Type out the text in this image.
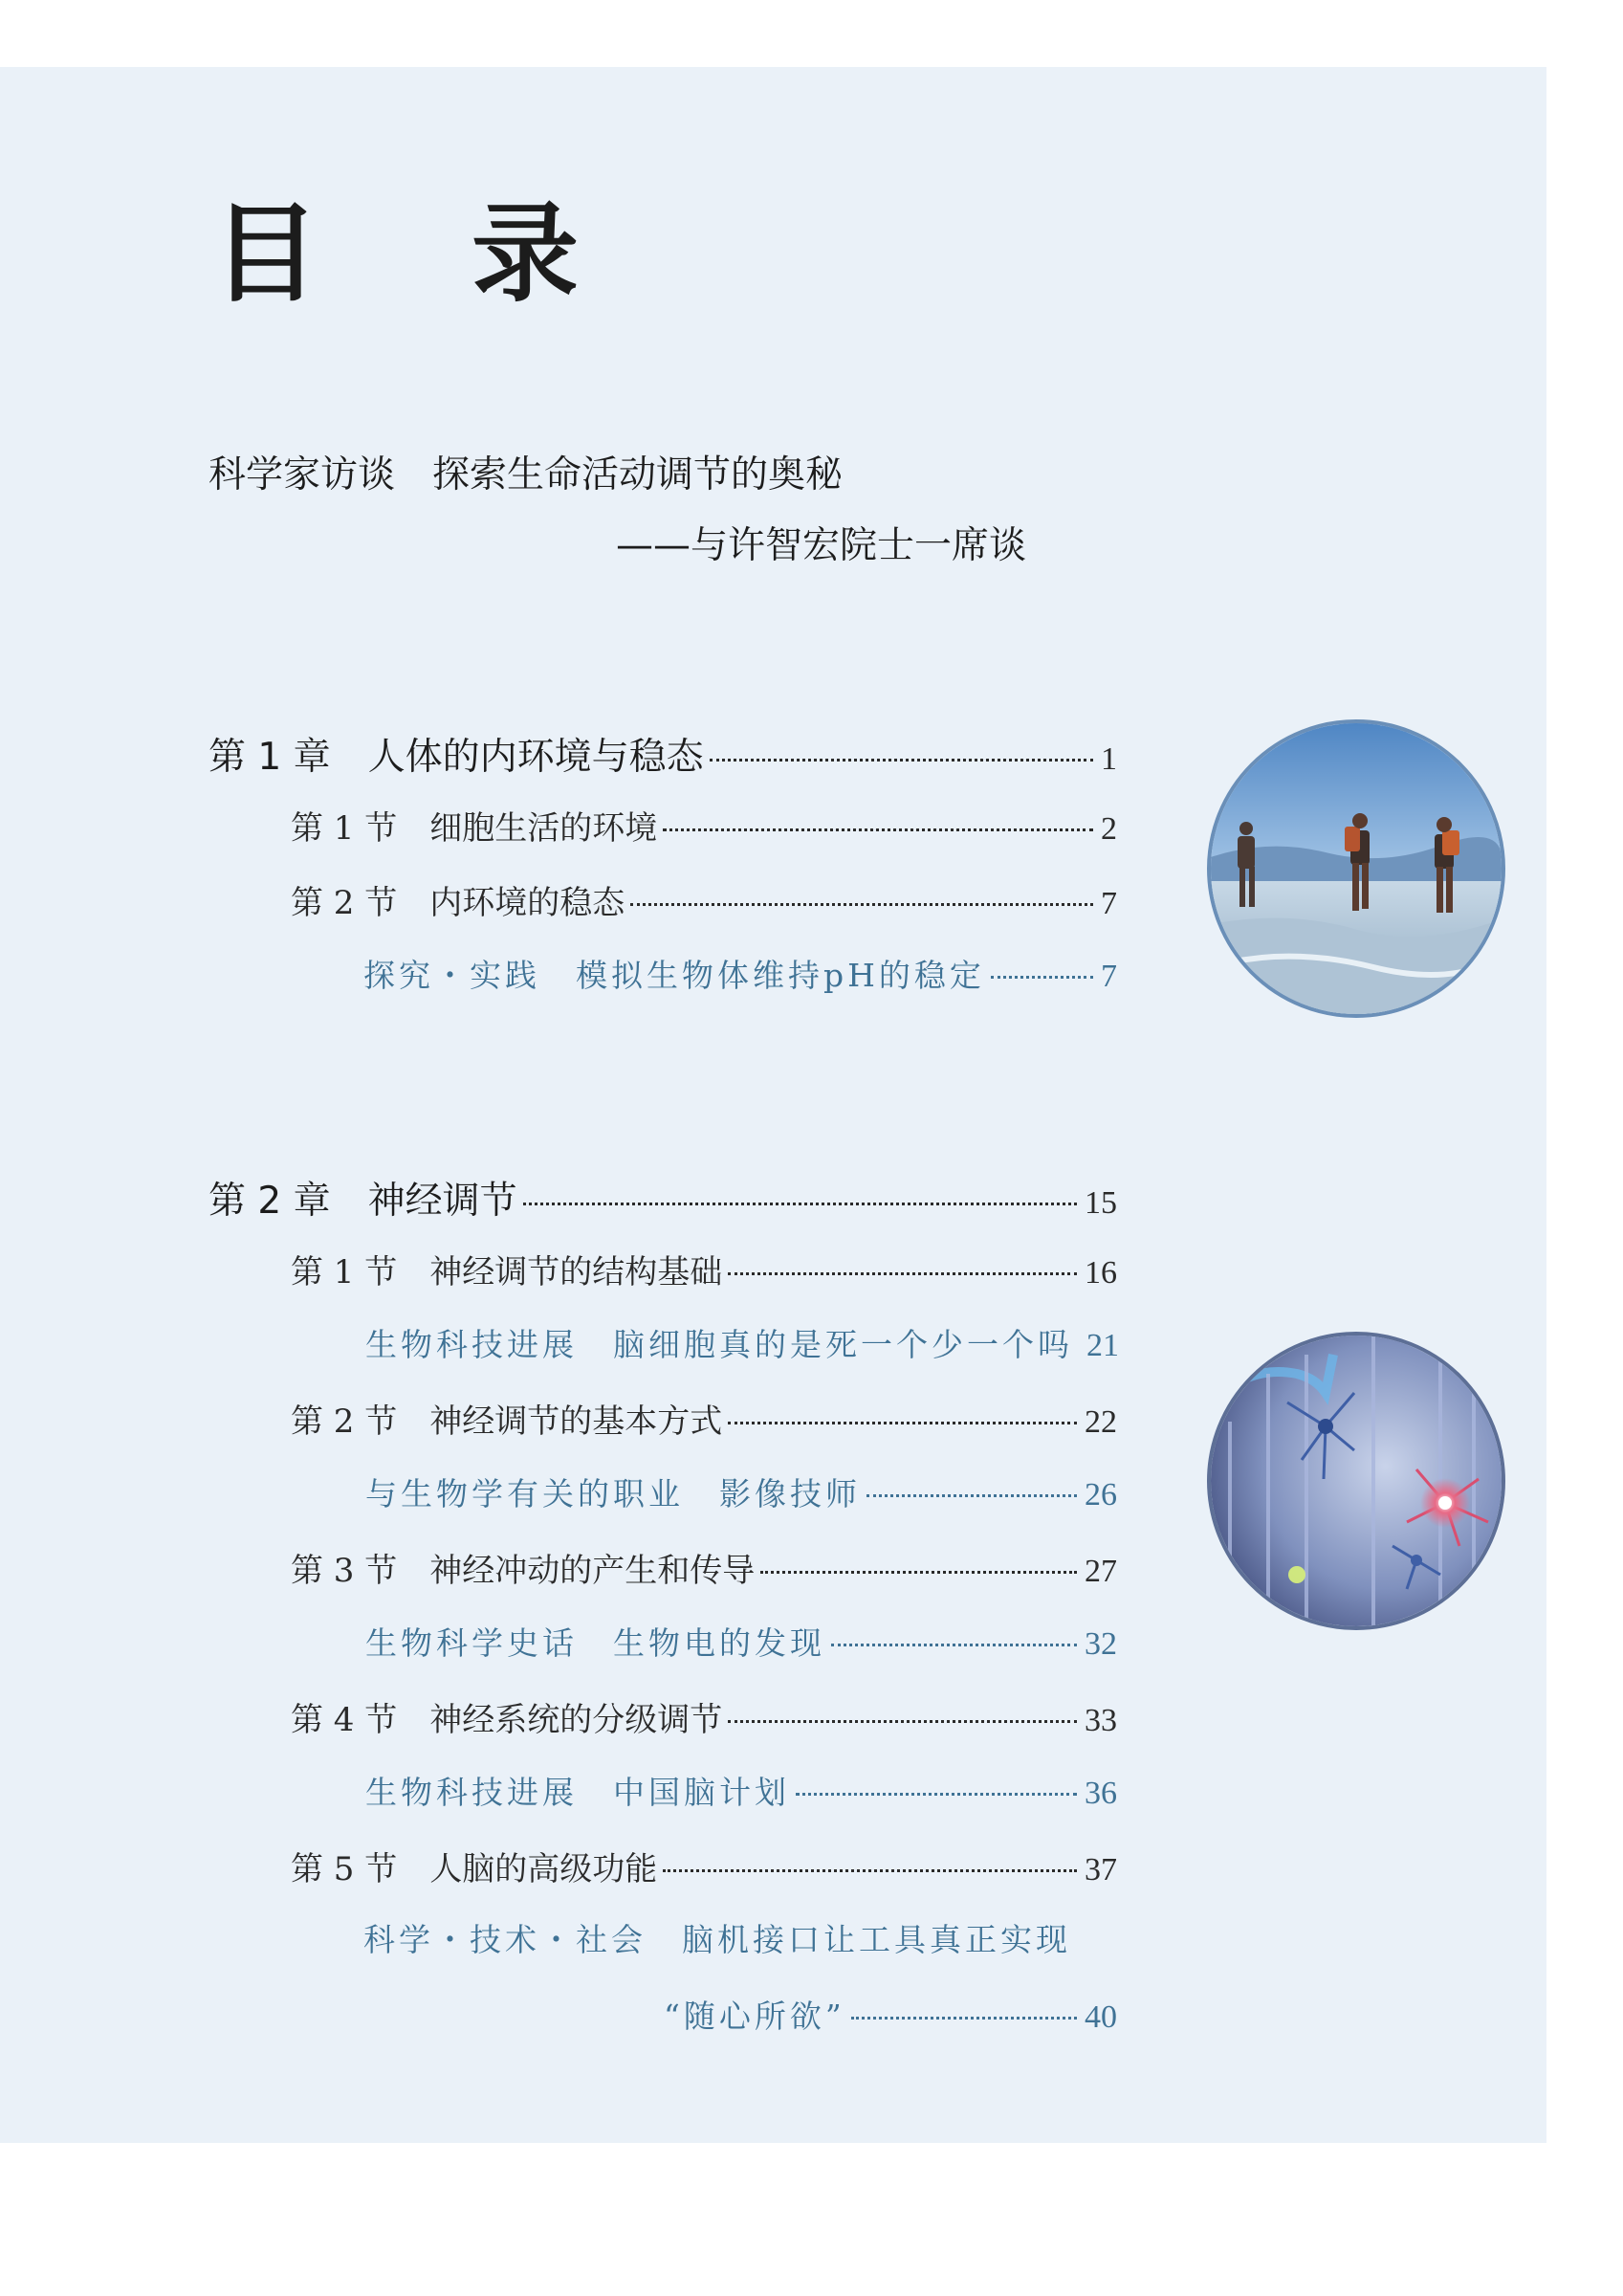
目 录
科学家访谈　探索生命活动调节的奥秘
——与许智宏院士一席谈
第 1 章　人体的内环境与稳态	1
第 1 节　细胞生活的环境	2
第 2 节　内环境的稳态	7
探究・实践　模拟生物体维持pH的稳定	7
第 2 章　神经调节	15
第 1 节　神经调节的结构基础	16
生物科技进展　脑细胞真的是死一个少一个吗 21
第 2 节　神经调节的基本方式	22
与生物学有关的职业　影像技师	26
第 3 节　神经冲动的产生和传导	27
生物科学史话　生物电的发现	32
第 4 节　神经系统的分级调节	33
生物科技进展　中国脑计划	36
第 5 节　人脑的高级功能	37
科学・技术・社会　脑机接口让工具真正实现
“随心所欲”	40
